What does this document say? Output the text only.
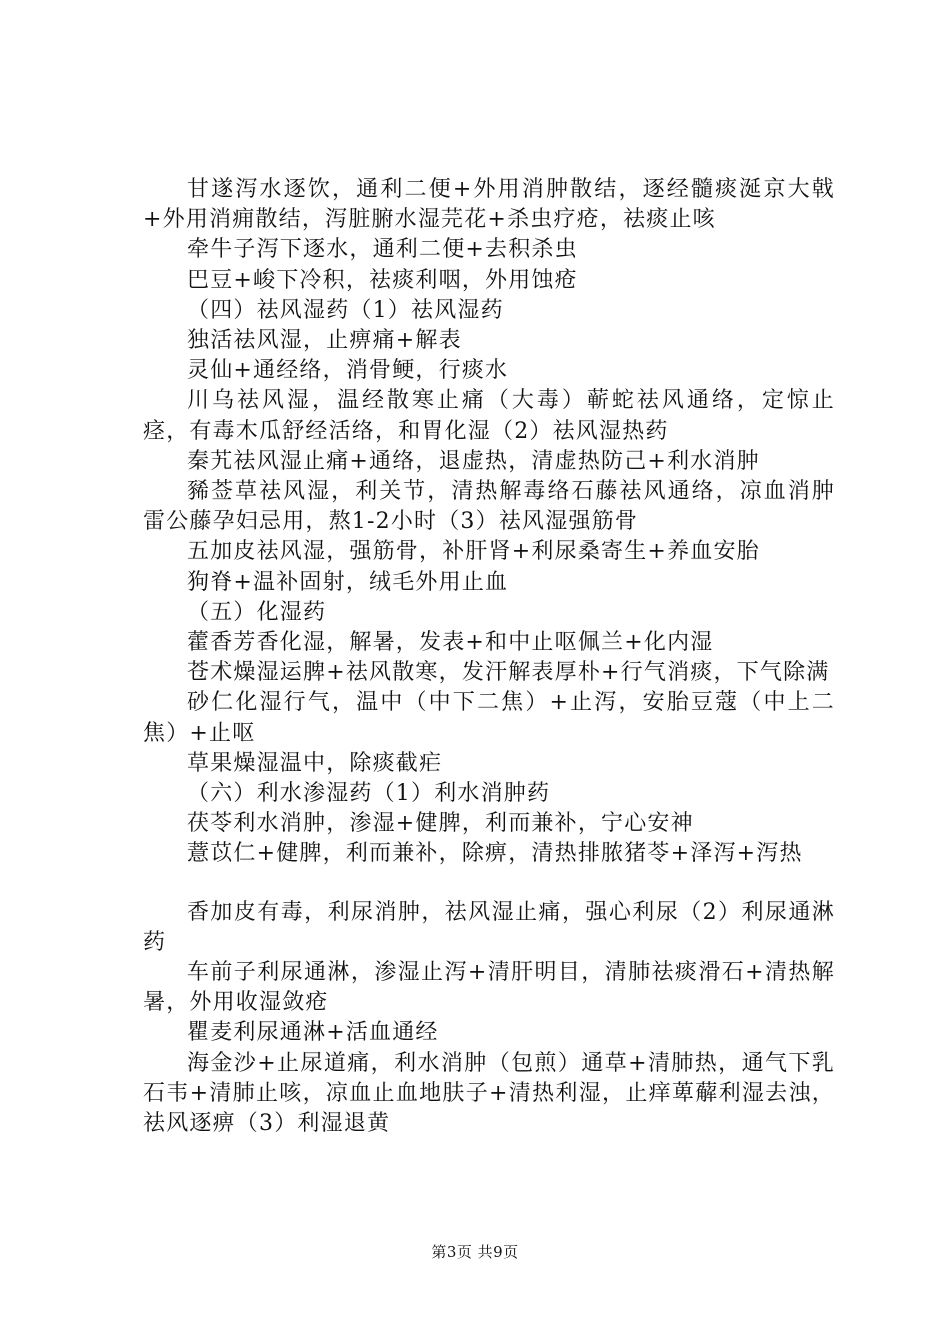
甘遂泻水逐饮，通利二便+外用消肿散结，逐经髓痰涎京大戟+外用消痈散结，泻脏腑水湿芫花+杀虫疗疮，祛痰止咳

牵牛子泻下逐水，通利二便+去积杀虫

巴豆+峻下冷积，祛痰利咽，外用蚀疮

（四）祛风湿药（1）祛风湿药

独活祛风湿，止痹痛+解表

灵仙+通经络，消骨鲠，行痰水

川乌祛风湿，温经散寒止痛（大毒）蕲蛇祛风通络，定惊止痉，有毒木瓜舒经活络，和胃化湿（2）祛风湿热药

秦艽祛风湿止痛+通络，退虚热，清虚热防己+利水消肿

豨莶草祛风湿，利关节，清热解毒络石藤祛风通络，凉血消肿雷公藤孕妇忌用，熬1-2小时（3）祛风湿强筋骨

五加皮祛风湿，强筋骨，补肝肾+利尿桑寄生+养血安胎

狗脊+温补固射，绒毛外用止血

（五）化湿药

藿香芳香化湿，解暑，发表+和中止呕佩兰+化内湿

苍术燥湿运脾+祛风散寒，发汗解表厚朴+行气消痰，下气除满

砂仁化湿行气，温中（中下二焦）+止泻，安胎豆蔻（中上二焦）+止呕

草果燥湿温中，除痰截疟

（六）利水渗湿药（1）利水消肿药

茯苓利水消肿，渗湿+健脾，利而兼补，宁心安神

薏苡仁+健脾，利而兼补，除痹，清热排脓猪苓+泽泻+泻热

香加皮有毒，利尿消肿，祛风湿止痛，强心利尿（2）利尿通淋药

车前子利尿通淋，渗湿止泻+清肝明目，清肺祛痰滑石+清热解暑，外用收湿敛疮

瞿麦利尿通淋+活血通经

海金沙+止尿道痛，利水消肿（包煎）通草+清肺热，通气下乳石韦+清肺止咳，凉血止血地肤子+清热利湿，止痒萆薢利湿去浊，祛风逐痹（3）利湿退黄

第3页 共9页
